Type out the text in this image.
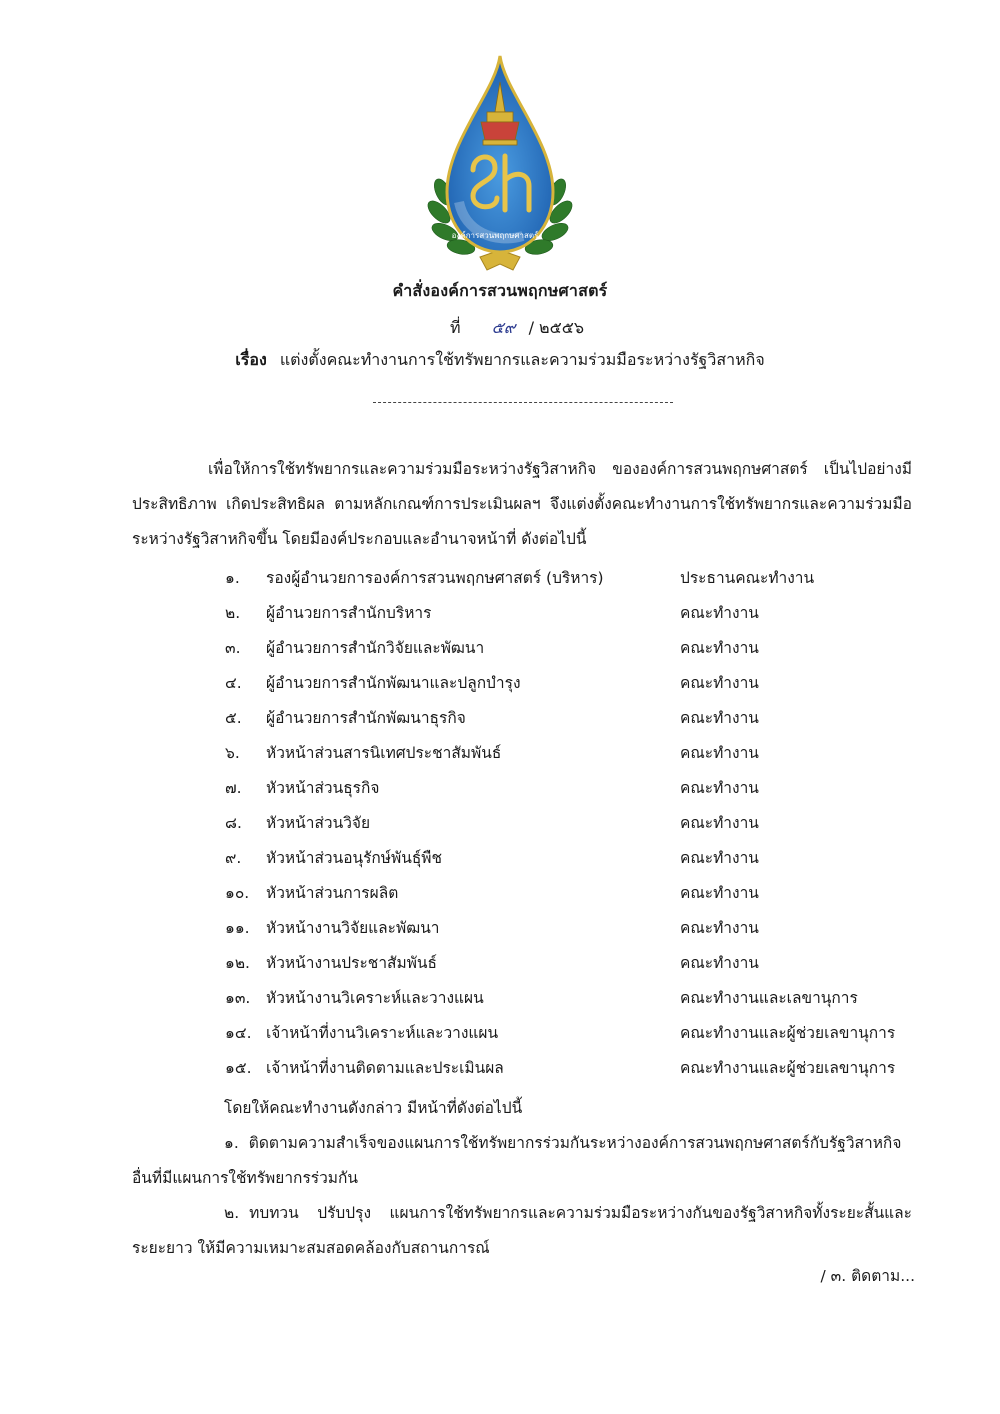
องค์การสวนพฤกษศาสตร์
คำสั่งองค์การสวนพฤกษศาสตร์
ที่ ๕๙ / ๒๕๕๖
เรื่อง แต่งตั้งคณะทำงานการใช้ทรัพยากรและความร่วมมือระหว่างรัฐวิสาหกิจ
เพื่อให้การใช้ทรัพยากรและความร่วมมือระหว่างรัฐวิสาหกิจ ขององค์การสวนพฤกษศาสตร์ เป็นไปอย่างมีประสิทธิภาพ เกิดประสิทธิผล ตามหลักเกณฑ์การประเมินผลฯ จึงแต่งตั้งคณะทำงานการใช้ทรัพยากรและความร่วมมือระหว่างรัฐวิสาหกิจขึ้น โดยมีองค์ประกอบและอำนาจหน้าที่ ดังต่อไปนี้
๑.	รองผู้อำนวยการองค์การสวนพฤกษศาสตร์ (บริหาร)	ประธานคณะทำงาน
๒.	ผู้อำนวยการสำนักบริหาร	คณะทำงาน
๓.	ผู้อำนวยการสำนักวิจัยและพัฒนา	คณะทำงาน
๔.	ผู้อำนวยการสำนักพัฒนาและปลูกบำรุง	คณะทำงาน
๕.	ผู้อำนวยการสำนักพัฒนาธุรกิจ	คณะทำงาน
๖.	หัวหน้าส่วนสารนิเทศประชาสัมพันธ์	คณะทำงาน
๗.	หัวหน้าส่วนธุรกิจ	คณะทำงาน
๘.	หัวหน้าส่วนวิจัย	คณะทำงาน
๙.	หัวหน้าส่วนอนุรักษ์พันธุ์พืช	คณะทำงาน
๑๐.	หัวหน้าส่วนการผลิต	คณะทำงาน
๑๑.	หัวหน้างานวิจัยและพัฒนา	คณะทำงาน
๑๒.	หัวหน้างานประชาสัมพันธ์	คณะทำงาน
๑๓.	หัวหน้างานวิเคราะห์และวางแผน	คณะทำงานและเลขานุการ
๑๔. เจ้าหน้าที่งานวิเคราะห์และวางแผน	คณะทำงานและผู้ช่วยเลขานุการ
๑๕. เจ้าหน้าที่งานติดตามและประเมินผล	คณะทำงานและผู้ช่วยเลขานุการ
โดยให้คณะทำงานดังกล่าว มีหน้าที่ดังต่อไปนี้
๑. ติดตามความสำเร็จของแผนการใช้ทรัพยากรร่วมกันระหว่างองค์การสวนพฤกษศาสตร์กับรัฐวิสาหกิจอื่นที่มีแผนการใช้ทรัพยากรร่วมกัน
๒. ทบทวน ปรับปรุง แผนการใช้ทรัพยากรและความร่วมมือระหว่างกันของรัฐวิสาหกิจทั้งระยะสั้นและระยะยาว ให้มีความเหมาะสมสอดคล้องกับสถานการณ์
/ ๓. ติดตาม...
